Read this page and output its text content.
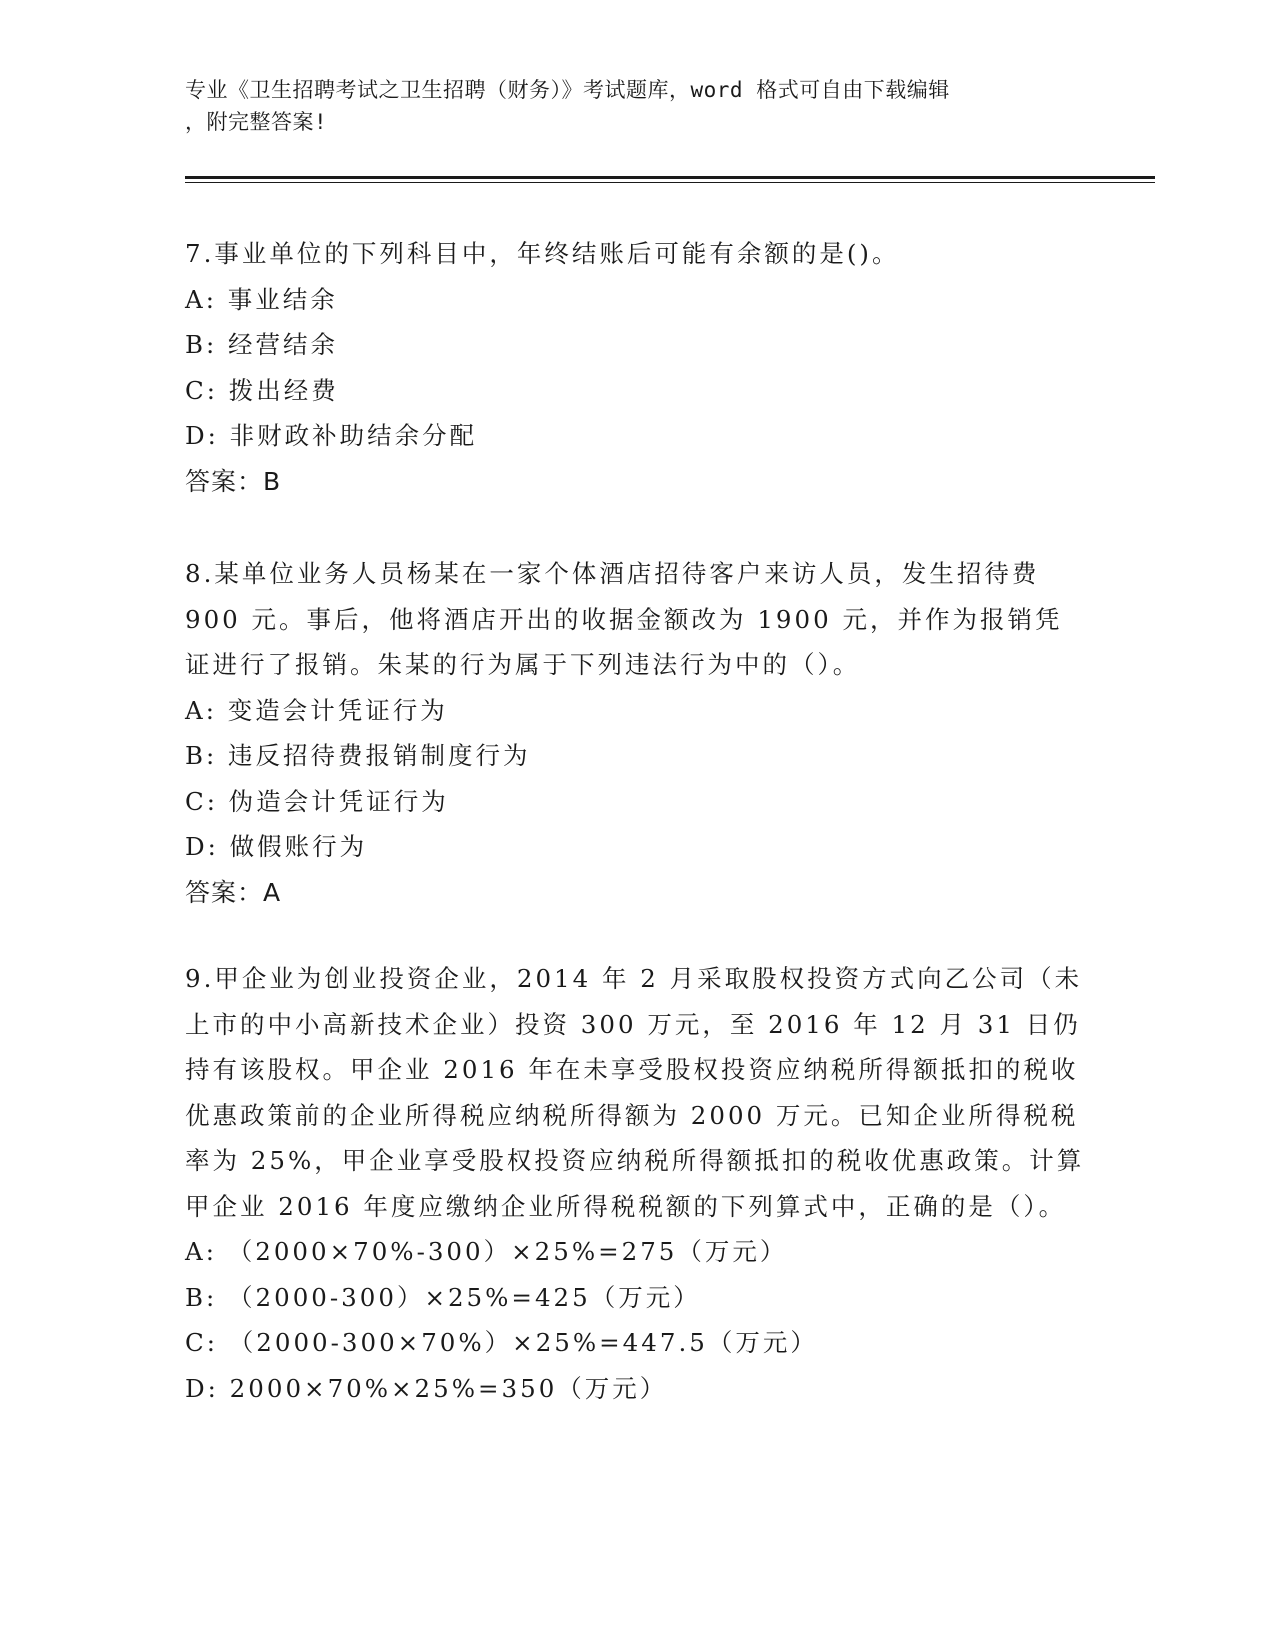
专业《卫生招聘考试之卫生招聘（财务）》考试题库，word 格式可自由下载编辑
，附完整答案!

7.事业单位的下列科目中，年终结账后可能有余额的是()。

A: 事业结余

B: 经营结余

C: 拨出经费

D: 非财政补助结余分配

答案：B

8.某单位业务人员杨某在一家个体酒店招待客户来访人员，发生招待费 900 元。事后，他将酒店开出的收据金额改为 1900 元，并作为报销凭证进行了报销。朱某的行为属于下列违法行为中的（）。

A: 变造会计凭证行为

B: 违反招待费报销制度行为

C: 伪造会计凭证行为

D: 做假账行为

答案：A

9.甲企业为创业投资企业，2014 年 2 月采取股权投资方式向乙公司（未上市的中小高新技术企业）投资 300 万元，至 2016 年 12 月 31 日仍持有该股权。甲企业 2016 年在未享受股权投资应纳税所得额抵扣的税收优惠政策前的企业所得税应纳税所得额为 2000 万元。已知企业所得税税率为 25%，甲企业享受股权投资应纳税所得额抵扣的税收优惠政策。计算甲企业 2016 年度应缴纳企业所得税税额的下列算式中，正确的是（）。

A: （2000×70%-300）×25%=275（万元）

B: （2000-300）×25%=425（万元）

C: （2000-300×70%）×25%=447.5（万元）

D: 2000×70%×25%=350（万元）
